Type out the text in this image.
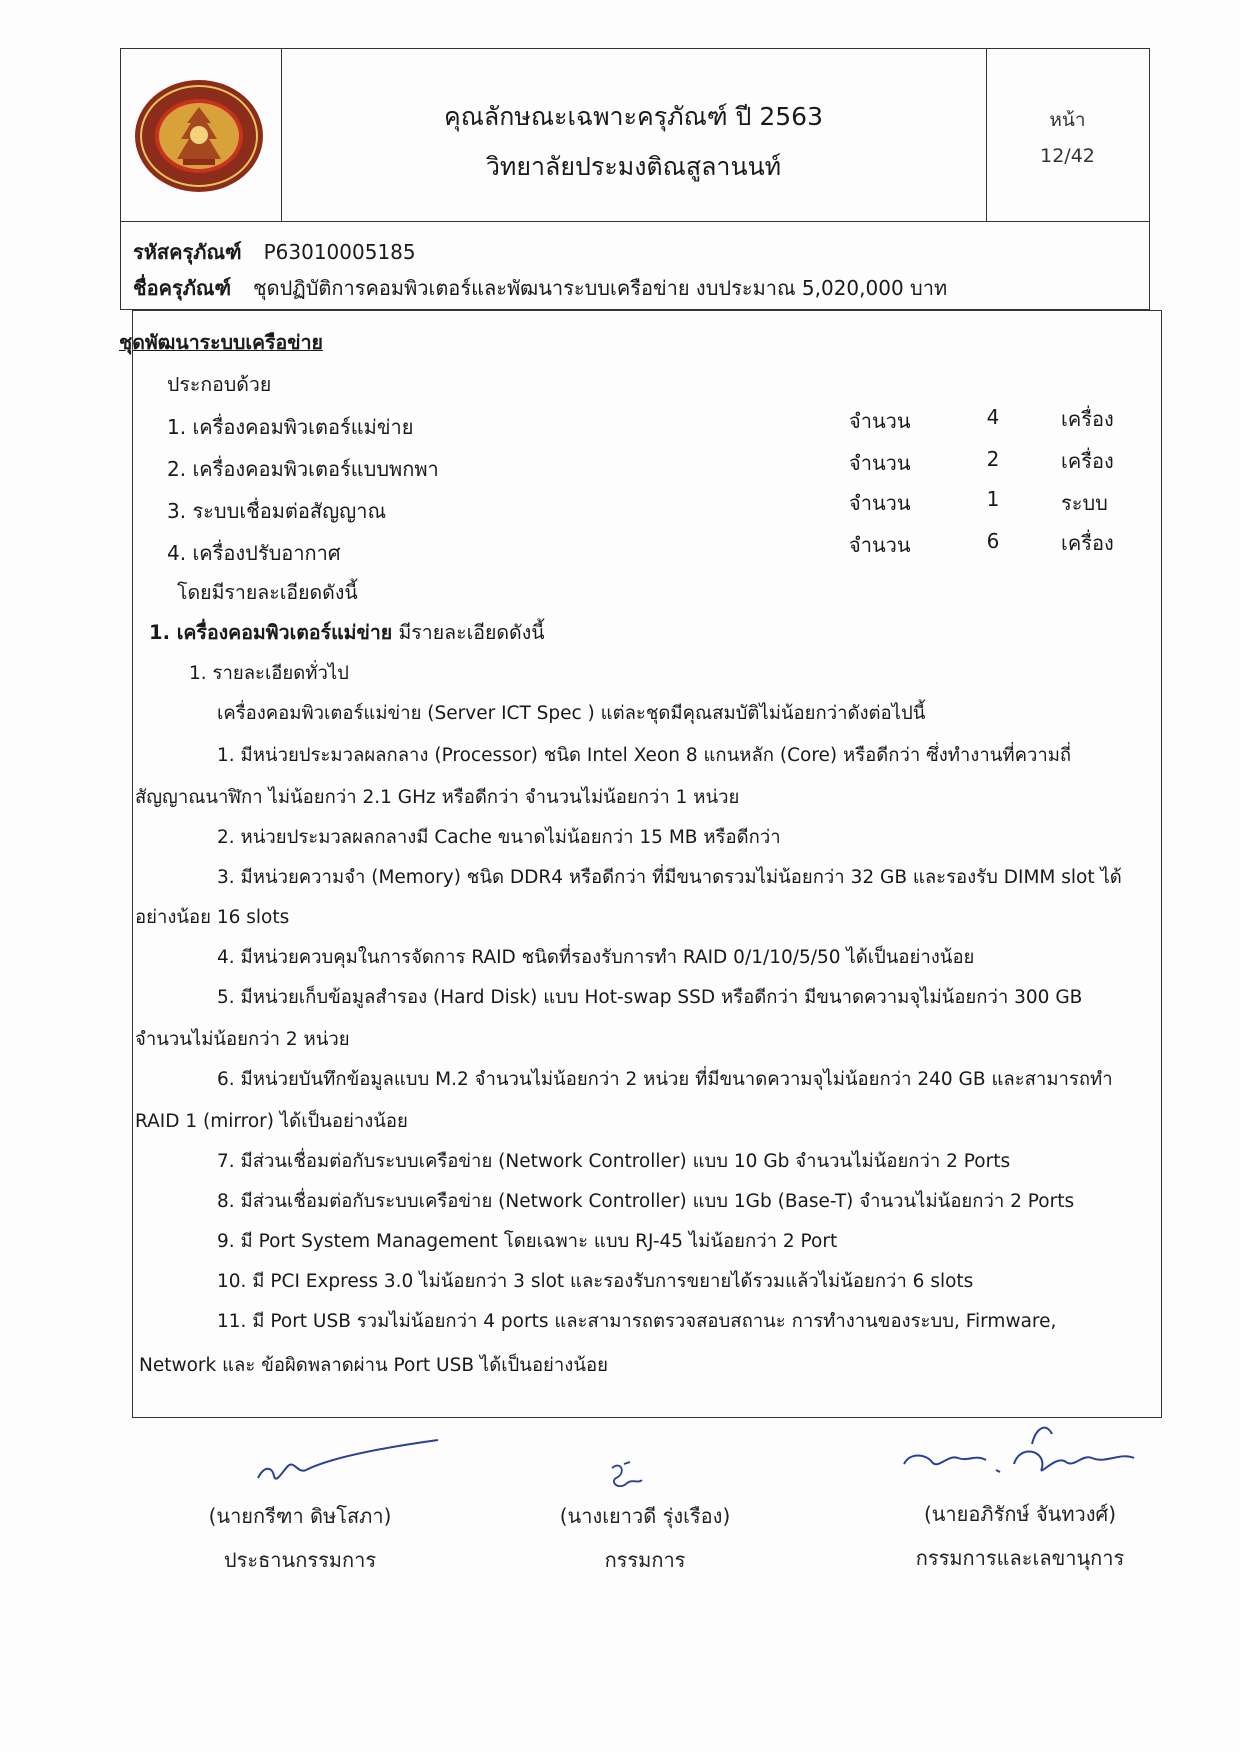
คุณลักษณะเฉพาะครุภัณฑ์ ปี 2563
วิทยาลัยประมงติณสูลานนท์
หน้า
12/42
รหัสครุภัณฑ์ P63010005185
ชื่อครุภัณฑ์ ชุดปฏิบัติการคอมพิวเตอร์และพัฒนาระบบเครือข่าย งบประมาณ 5,020,000 บาท
ชุดพัฒนาระบบเครือข่าย
ประกอบด้วย
1. เครื่องคอมพิวเตอร์แม่ข่าย	จำนวน	4	เครื่อง
2. เครื่องคอมพิวเตอร์แบบพกพา	จำนวน	2	เครื่อง
3. ระบบเชื่อมต่อสัญญาณ	จำนวน	1	ระบบ
4. เครื่องปรับอากาศ	จำนวน	6	เครื่อง
โดยมีรายละเอียดดังนี้
1. เครื่องคอมพิวเตอร์แม่ข่าย มีรายละเอียดดังนี้
1. รายละเอียดทั่วไป
เครื่องคอมพิวเตอร์แม่ข่าย (Server ICT Spec ) แต่ละชุดมีคุณสมบัติไม่น้อยกว่าดังต่อไปนี้
1. มีหน่วยประมวลผลกลาง (Processor) ชนิด Intel Xeon 8 แกนหลัก (Core) หรือดีกว่า ซึ่งทำงานที่ความถี่
สัญญาณนาฬิกา ไม่น้อยกว่า 2.1 GHz หรือดีกว่า จำนวนไม่น้อยกว่า 1 หน่วย
2. หน่วยประมวลผลกลางมี Cache ขนาดไม่น้อยกว่า 15 MB หรือดีกว่า
3. มีหน่วยความจำ (Memory) ชนิด DDR4 หรือดีกว่า ที่มีขนาดรวมไม่น้อยกว่า 32 GB และรองรับ DIMM slot ได้
อย่างน้อย 16 slots
4. มีหน่วยควบคุมในการจัดการ RAID ชนิดที่รองรับการทำ RAID 0/1/10/5/50 ได้เป็นอย่างน้อย
5. มีหน่วยเก็บข้อมูลสำรอง (Hard Disk) แบบ Hot-swap SSD หรือดีกว่า มีขนาดความจุไม่น้อยกว่า 300 GB
จำนวนไม่น้อยกว่า 2 หน่วย
6. มีหน่วยบันทึกข้อมูลแบบ M.2 จำนวนไม่น้อยกว่า 2 หน่วย ที่มีขนาดความจุไม่น้อยกว่า 240 GB และสามารถทำ
RAID 1 (mirror) ได้เป็นอย่างน้อย
7. มีส่วนเชื่อมต่อกับระบบเครือข่าย (Network Controller) แบบ 10 Gb จำนวนไม่น้อยกว่า 2 Ports
8. มีส่วนเชื่อมต่อกับระบบเครือข่าย (Network Controller) แบบ 1Gb (Base-T) จำนวนไม่น้อยกว่า 2 Ports
9. มี Port System Management โดยเฉพาะ แบบ RJ-45 ไม่น้อยกว่า 2 Port
10. มี PCI Express 3.0 ไม่น้อยกว่า 3 slot และรองรับการขยายได้รวมแล้วไม่น้อยกว่า 6 slots
11. มี Port USB รวมไม่น้อยกว่า 4 ports และสามารถตรวจสอบสถานะ การทำงานของระบบ, Firmware,
Network และ ข้อผิดพลาดผ่าน Port USB ได้เป็นอย่างน้อย
(นายกรีฑา ดิษโสภา)
ประธานกรรมการ
(นางเยาวดี รุ่งเรือง)
กรรมการ
(นายอภิรักษ์ จันทวงศ์)
กรรมการและเลขานุการ
